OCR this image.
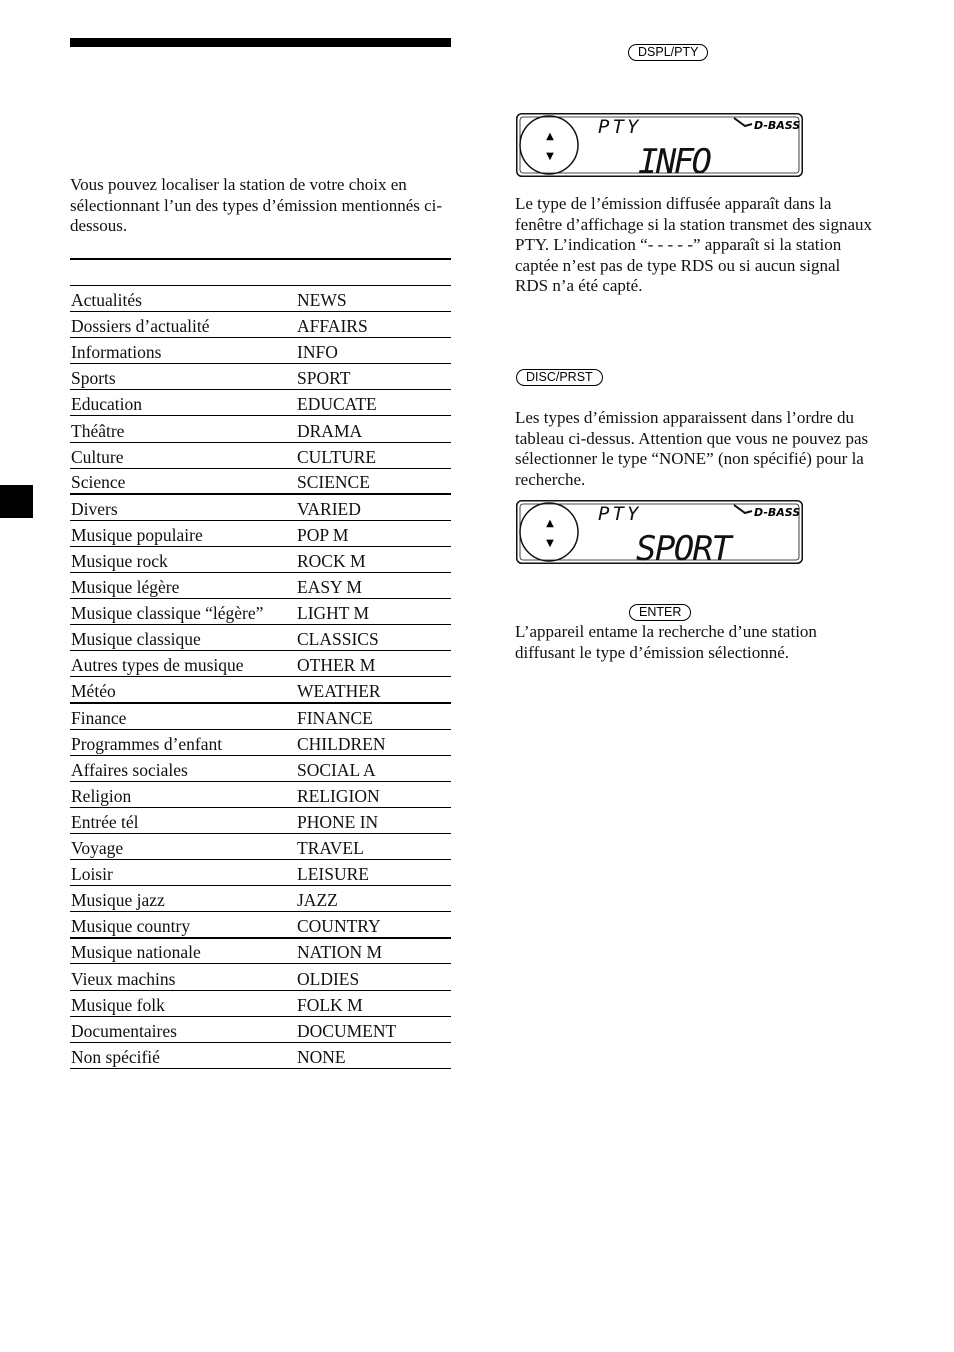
Vous pouvez localiser la station de votre choix en sélectionnant l’un des types d’émission mentionnés ci-dessous.

Actualités	NEWS
Dossiers d’actualité	AFFAIRS
Informations	INFO
Sports	SPORT
Education	EDUCATE
Théâtre	DRAMA
Culture	CULTURE
Science	SCIENCE
Divers	VARIED
Musique populaire	POP M
Musique rock	ROCK M
Musique légère	EASY M
Musique classique “légère”	LIGHT M
Musique classique	CLASSICS
Autres types de musique	OTHER M
Météo	WEATHER
Finance	FINANCE
Programmes d’enfant	CHILDREN
Affaires sociales	SOCIAL A
Religion	RELIGION
Entrée tél	PHONE IN
Voyage	TRAVEL
Loisir	LEISURE
Musique jazz	JAZZ
Musique country	COUNTRY
Musique nationale	NATION M
Vieux machins	OLDIES
Musique folk	FOLK M
Documentaires	DOCUMENT
Non spécifié	NONE
DSPL/PTY
▲
▼
PTY	D-BASS
INFO

Le type de l’émission diffusée apparaît dans la fenêtre d’affichage si la station transmet des signaux PTY. L’indication “- - - - -” apparaît si la station captée n’est pas de type RDS ou si aucun signal RDS n’a été capté.

DISC/PRST

Les types d’émission apparaissent dans l’ordre du tableau ci-dessus. Attention que vous ne pouvez pas sélectionner le type “NONE” (non spécifié) pour la recherche.

▲
▼
PTY	D-BASS
SPORT
ENTER

L’appareil entame la recherche d’une station diffusant le type d’émission sélectionné.
